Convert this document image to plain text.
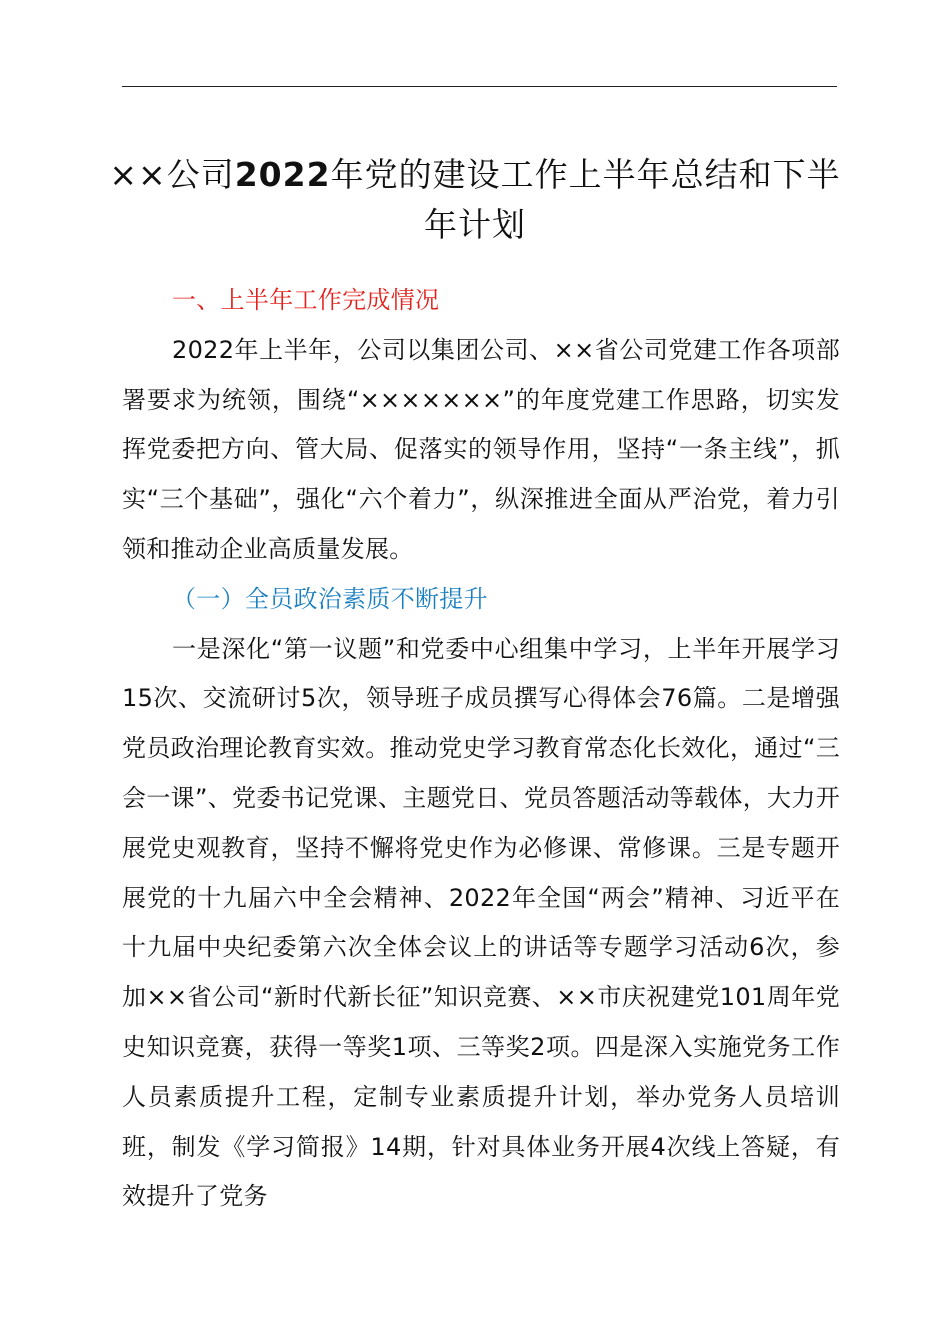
××公司2022年党的建设工作上半年总结和下半年计划
一、上半年工作完成情况

2022年上半年，公司以集团公司、××省公司党建工作各项部署要求为统领，围绕“×××××××”的年度党建工作思路，切实发挥党委把方向、管大局、促落实的领导作用，坚持“一条主线”，抓实“三个基础”，强化“六个着力”，纵深推进全面从严治党，着力引领和推动企业高质量发展。

（一）全员政治素质不断提升

一是深化“第一议题”和党委中心组集中学习，上半年开展学习15次、交流研讨5次，领导班子成员撰写心得体会76篇。二是增强党员政治理论教育实效。推动党史学习教育常态化长效化，通过“三会一课”、党委书记党课、主题党日、党员答题活动等载体，大力开展党史观教育，坚持不懈将党史作为必修课、常修课。三是专题开展党的十九届六中全会精神、2022年全国“两会”精神、习近平在十九届中央纪委第六次全体会议上的讲话等专题学习活动6次，参加××省公司“新时代新长征”知识竞赛、××市庆祝建党101周年党史知识竞赛，获得一等奖1项、三等奖2项。四是深入实施党务工作人员素质提升工程，定制专业素质提升计划，举办党务人员培训班，制发《学习简报》14期，针对具体业务开展4次线上答疑，有效提升了党务
